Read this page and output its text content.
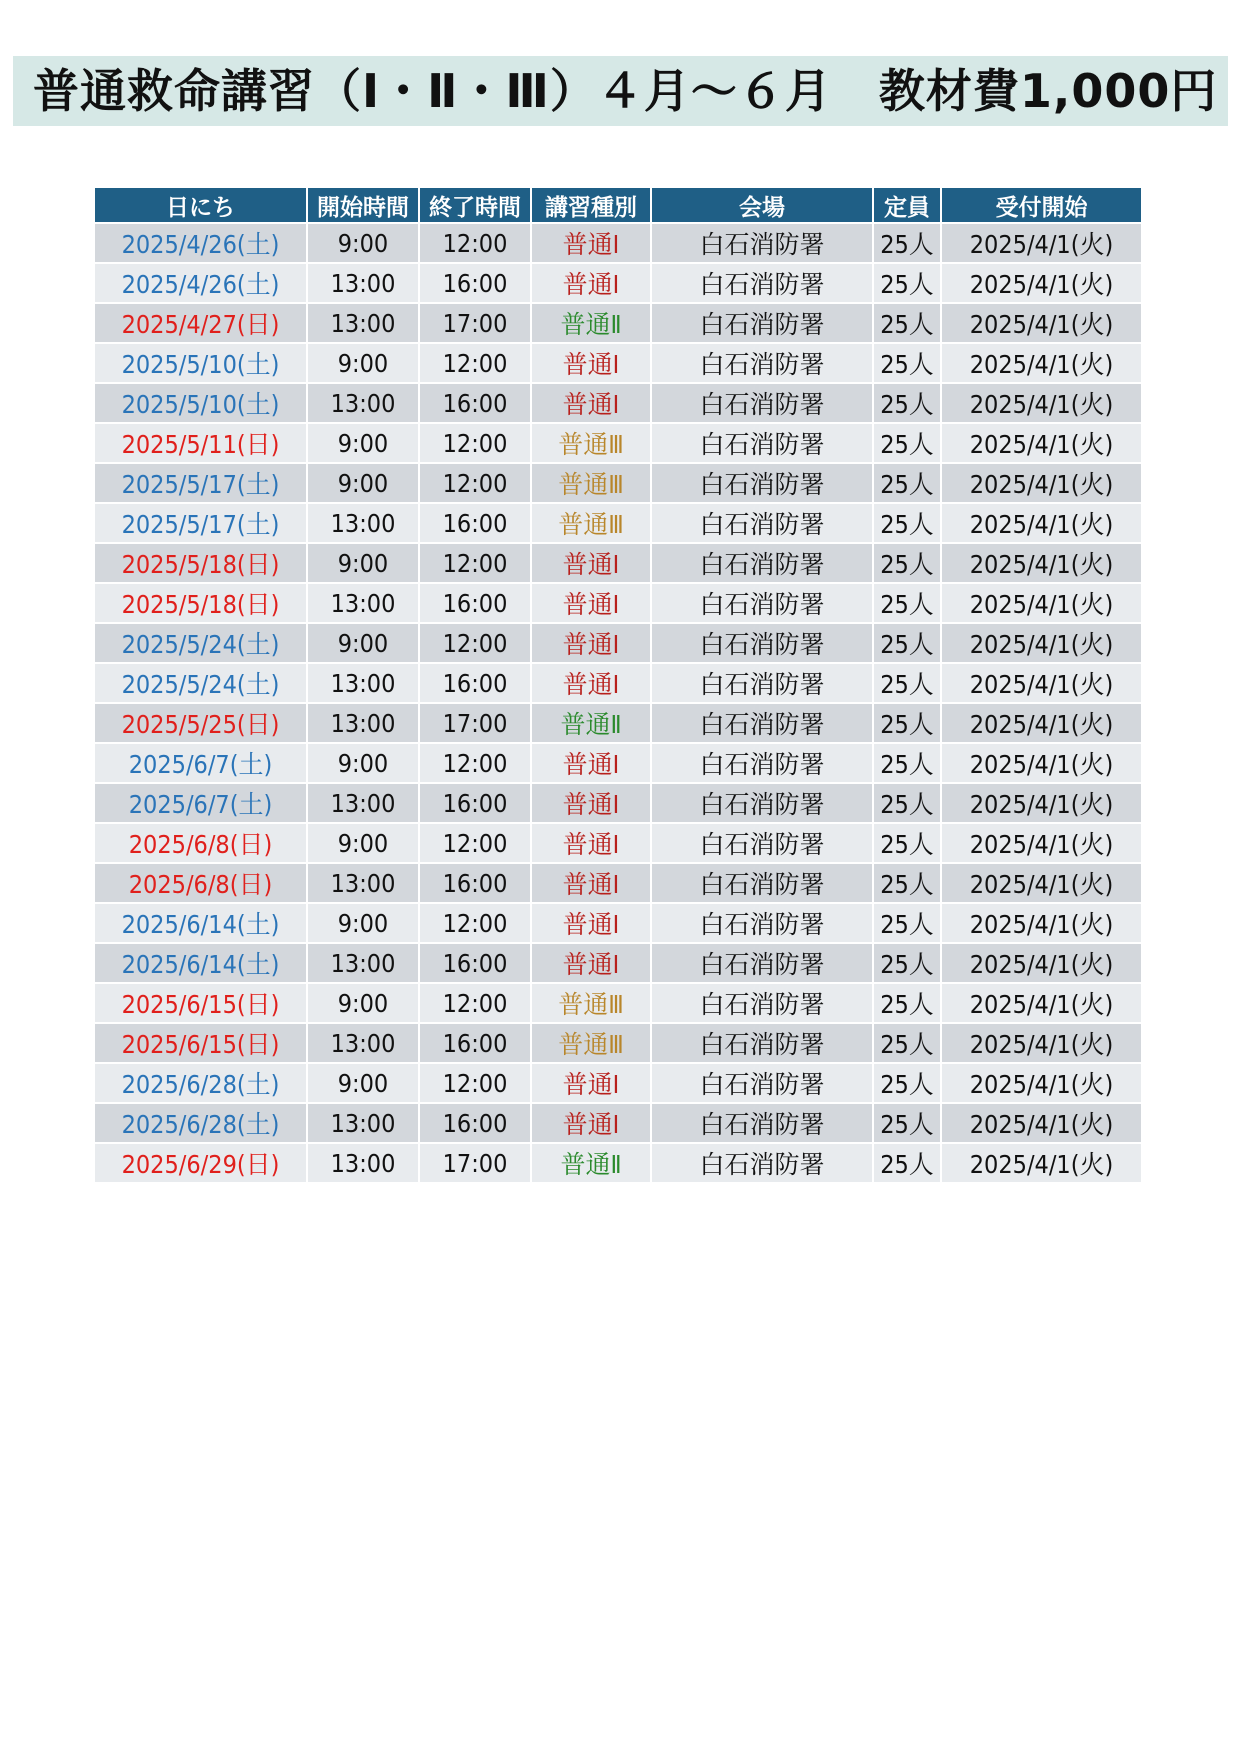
普通救命講習（Ⅰ・Ⅱ・Ⅲ）４月～６月　教材費1,000円
日にち	開始時間	終了時間	講習種別	会場	定員	受付開始
2025/4/26(土)	9:00	12:00	普通Ⅰ	白石消防署	25人	2025/4/1(火)
2025/4/26(土)	13:00	16:00	普通Ⅰ	白石消防署	25人	2025/4/1(火)
2025/4/27(日)	13:00	17:00	普通Ⅱ	白石消防署	25人	2025/4/1(火)
2025/5/10(土)	9:00	12:00	普通Ⅰ	白石消防署	25人	2025/4/1(火)
2025/5/10(土)	13:00	16:00	普通Ⅰ	白石消防署	25人	2025/4/1(火)
2025/5/11(日)	9:00	12:00	普通Ⅲ	白石消防署	25人	2025/4/1(火)
2025/5/17(土)	9:00	12:00	普通Ⅲ	白石消防署	25人	2025/4/1(火)
2025/5/17(土)	13:00	16:00	普通Ⅲ	白石消防署	25人	2025/4/1(火)
2025/5/18(日)	9:00	12:00	普通Ⅰ	白石消防署	25人	2025/4/1(火)
2025/5/18(日)	13:00	16:00	普通Ⅰ	白石消防署	25人	2025/4/1(火)
2025/5/24(土)	9:00	12:00	普通Ⅰ	白石消防署	25人	2025/4/1(火)
2025/5/24(土)	13:00	16:00	普通Ⅰ	白石消防署	25人	2025/4/1(火)
2025/5/25(日)	13:00	17:00	普通Ⅱ	白石消防署	25人	2025/4/1(火)
2025/6/7(土)	9:00	12:00	普通Ⅰ	白石消防署	25人	2025/4/1(火)
2025/6/7(土)	13:00	16:00	普通Ⅰ	白石消防署	25人	2025/4/1(火)
2025/6/8(日)	9:00	12:00	普通Ⅰ	白石消防署	25人	2025/4/1(火)
2025/6/8(日)	13:00	16:00	普通Ⅰ	白石消防署	25人	2025/4/1(火)
2025/6/14(土)	9:00	12:00	普通Ⅰ	白石消防署	25人	2025/4/1(火)
2025/6/14(土)	13:00	16:00	普通Ⅰ	白石消防署	25人	2025/4/1(火)
2025/6/15(日)	9:00	12:00	普通Ⅲ	白石消防署	25人	2025/4/1(火)
2025/6/15(日)	13:00	16:00	普通Ⅲ	白石消防署	25人	2025/4/1(火)
2025/6/28(土)	9:00	12:00	普通Ⅰ	白石消防署	25人	2025/4/1(火)
2025/6/28(土)	13:00	16:00	普通Ⅰ	白石消防署	25人	2025/4/1(火)
2025/6/29(日)	13:00	17:00	普通Ⅱ	白石消防署	25人	2025/4/1(火)
